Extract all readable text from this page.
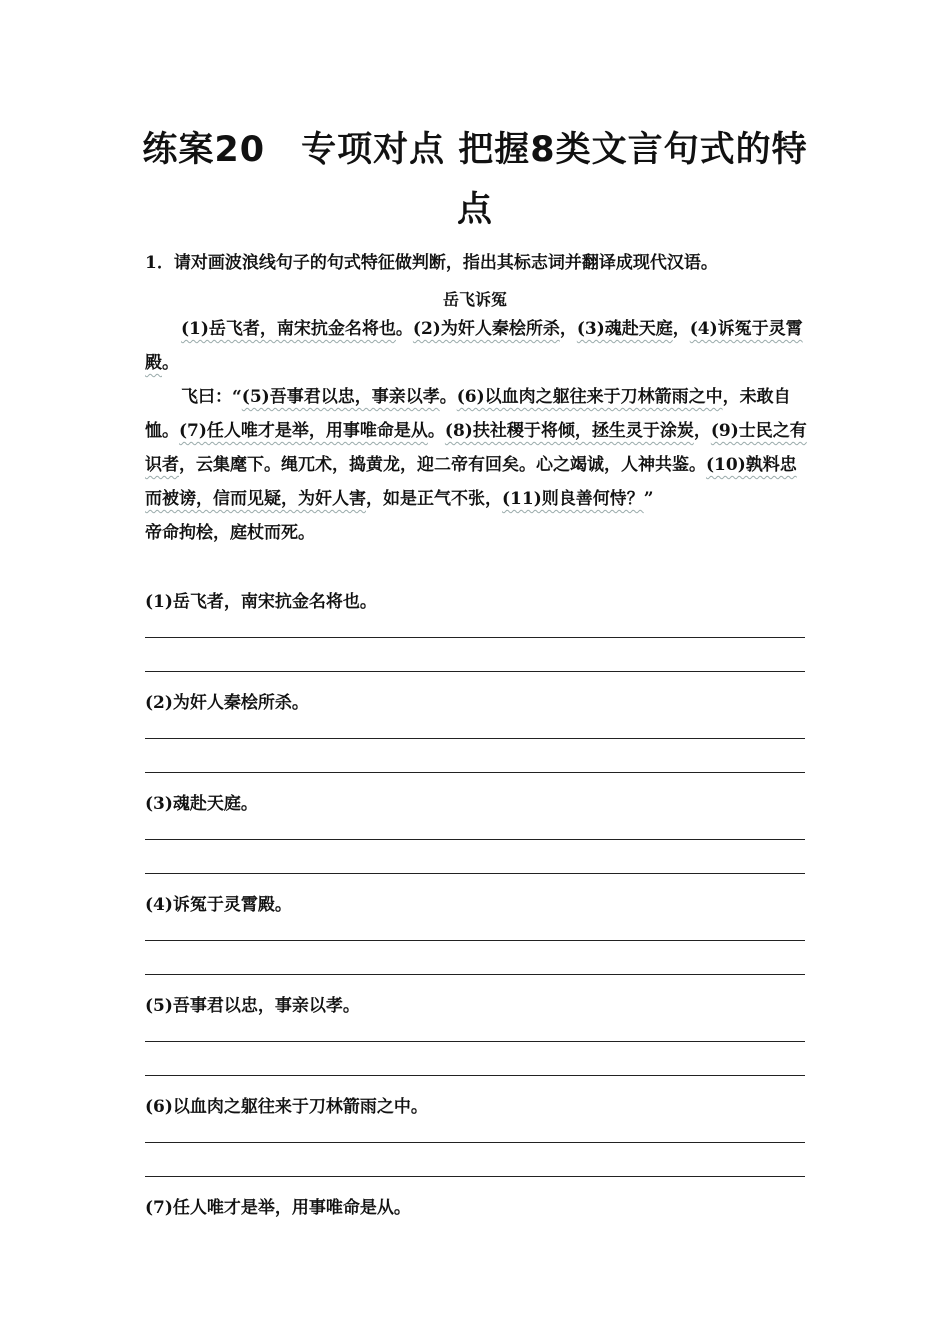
练案20　专项对点 把握8类文言句式的特
点
1．请对画波浪线句子的句式特征做判断，指出其标志词并翻译成现代汉语。
岳飞诉冤

(1)岳飞者，南宋抗金名将也。(2)为奸人秦桧所杀，(3)魂赴天庭，(4)诉冤于灵霄殿。

飞曰：“(5)吾事君以忠，事亲以孝。(6)以血肉之躯往来于刀林箭雨之中，未敢自恤。(7)任人唯才是举，用事唯命是从。(8)扶社稷于将倾，拯生灵于涂炭，(9)士民之有识者，云集麾下。绳兀术，捣黄龙，迎二帝有回矣。心之竭诚，人神共鉴。(10)孰料忠而被谤，信而见疑，为奸人害，如是正气不张，(11)则良善何恃？”

帝命拘桧，庭杖而死。

(1)岳飞者，南宋抗金名将也。
(2)为奸人秦桧所杀。
(3)魂赴天庭。
(4)诉冤于灵霄殿。
(5)吾事君以忠，事亲以孝。
(6)以血肉之躯往来于刀林箭雨之中。
(7)任人唯才是举，用事唯命是从。
